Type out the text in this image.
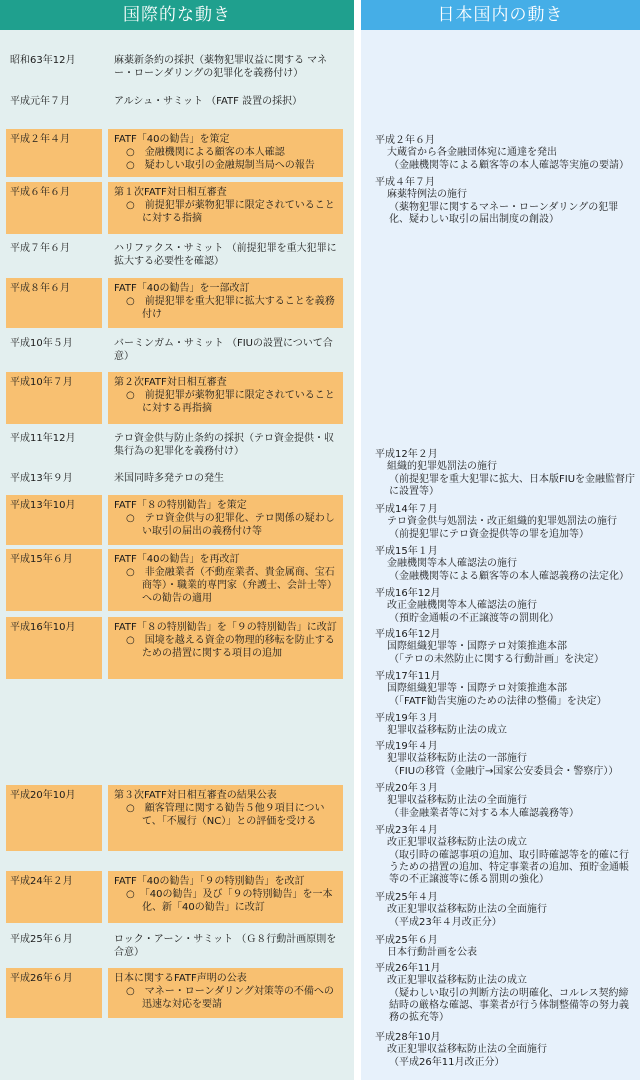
国際的な動き	日本国内の動き
昭和63年12月	麻薬新条約の採択（薬物犯罪収益に関する マネー・ローンダリングの犯罪化を義務付け）
平成元年７月	アルシュ・サミット （FATF 設置の採択）
平成２年４月	FATF「40の勧告」を策定
○　金融機関による顧客の本人確認
○　疑わしい取引の金融規制当局への報告
平成６年６月	第１次FATF対日相互審査
○　前提犯罪が薬物犯罪に限定されていることに対する指摘
平成７年６月	ハリファクス・サミット （前提犯罪を重大犯罪に拡大する必要性を確認）
平成８年６月	FATF「40の勧告」を一部改訂
○　前提犯罪を重大犯罪に拡大することを義務付け
平成10年５月	バーミンガム・サミット （FIUの設置について合意）
平成10年７月	第２次FATF対日相互審査
○　前提犯罪が薬物犯罪に限定されていることに対する再指摘
平成11年12月	テロ資金供与防止条約の採択（テロ資金提供・収集行為の犯罪化を義務付け）
平成13年９月	米国同時多発テロの発生
平成13年10月	FATF「８の特別勧告」を策定
○　テロ資金供与の犯罪化、テロ関係の疑わしい取引の届出の義務付け等
平成15年６月	FATF「40の勧告」を再改訂
○　非金融業者（不動産業者、貴金属商、宝石商等）・職業的専門家（弁護士、会計士等）への勧告の適用
平成16年10月	FATF「８の特別勧告」を「９の特別勧告」に改訂
○　国境を越える資金の物理的移転を防止するための措置に関する項目の追加
平成20年10月	第３次FATF対日相互審査の結果公表
○　顧客管理に関する勧告５他９項目について、「不履行（NC）」との評価を受ける
平成24年２月	FATF「40の勧告」「９の特別勧告」を改訂
○　「40の勧告」及び「９の特別勧告」を一本化、新「40の勧告」に改訂
平成25年６月	ロック・アーン・サミット （Ｇ８行動計画原則を合意）
平成26年６月	日本に関するFATF声明の公表
○　マネー・ローンダリング対策等の不備への迅速な対応を要請
平成２年６月
大蔵省から各金融団体宛に通達を発出
（金融機関等による顧客等の本人確認等実施の要請）
平成４年７月
麻薬特例法の施行
（薬物犯罪に関するマネー・ローンダリングの犯罪化、疑わしい取引の届出制度の創設）
平成12年２月
組織的犯罪処罰法の施行
（前提犯罪を重大犯罪に拡大、日本版FIUを金融監督庁に設置等）
平成14年７月
テロ資金供与処罰法・改正組織的犯罪処罰法の施行
（前提犯罪にテロ資金提供等の罪を追加等）
平成15年１月
金融機関等本人確認法の施行
（金融機関等による顧客等の本人確認義務の法定化）
平成16年12月
改正金融機関等本人確認法の施行
（預貯金通帳の不正譲渡等の罰則化）
平成16年12月
国際組織犯罪等・国際テロ対策推進本部
（「テロの未然防止に関する行動計画」を決定）
平成17年11月
国際組織犯罪等・国際テロ対策推進本部
（「FATF勧告実施のための法律の整備」を決定）
平成19年３月
犯罪収益移転防止法の成立
平成19年４月
犯罪収益移転防止法の一部施行
（FIUの移管（金融庁→国家公安委員会・警察庁））
平成20年３月
犯罪収益移転防止法の全面施行
（非金融業者等に対する本人確認義務等）
平成23年４月
改正犯罪収益移転防止法の成立
（取引時の確認事項の追加、取引時確認等を的確に行うための措置の追加、特定事業者の追加、預貯金通帳等の不正譲渡等に係る罰則の強化）
平成25年４月
改正犯罪収益移転防止法の全面施行
（平成23年４月改正分）
平成25年６月
日本行動計画を公表
平成26年11月
改正犯罪収益移転防止法の成立
（疑わしい取引の判断方法の明確化、コルレス契約締結時の厳格な確認、事業者が行う体制整備等の努力義務の拡充等）
平成28年10月
改正犯罪収益移転防止法の全面施行
（平成26年11月改正分）
